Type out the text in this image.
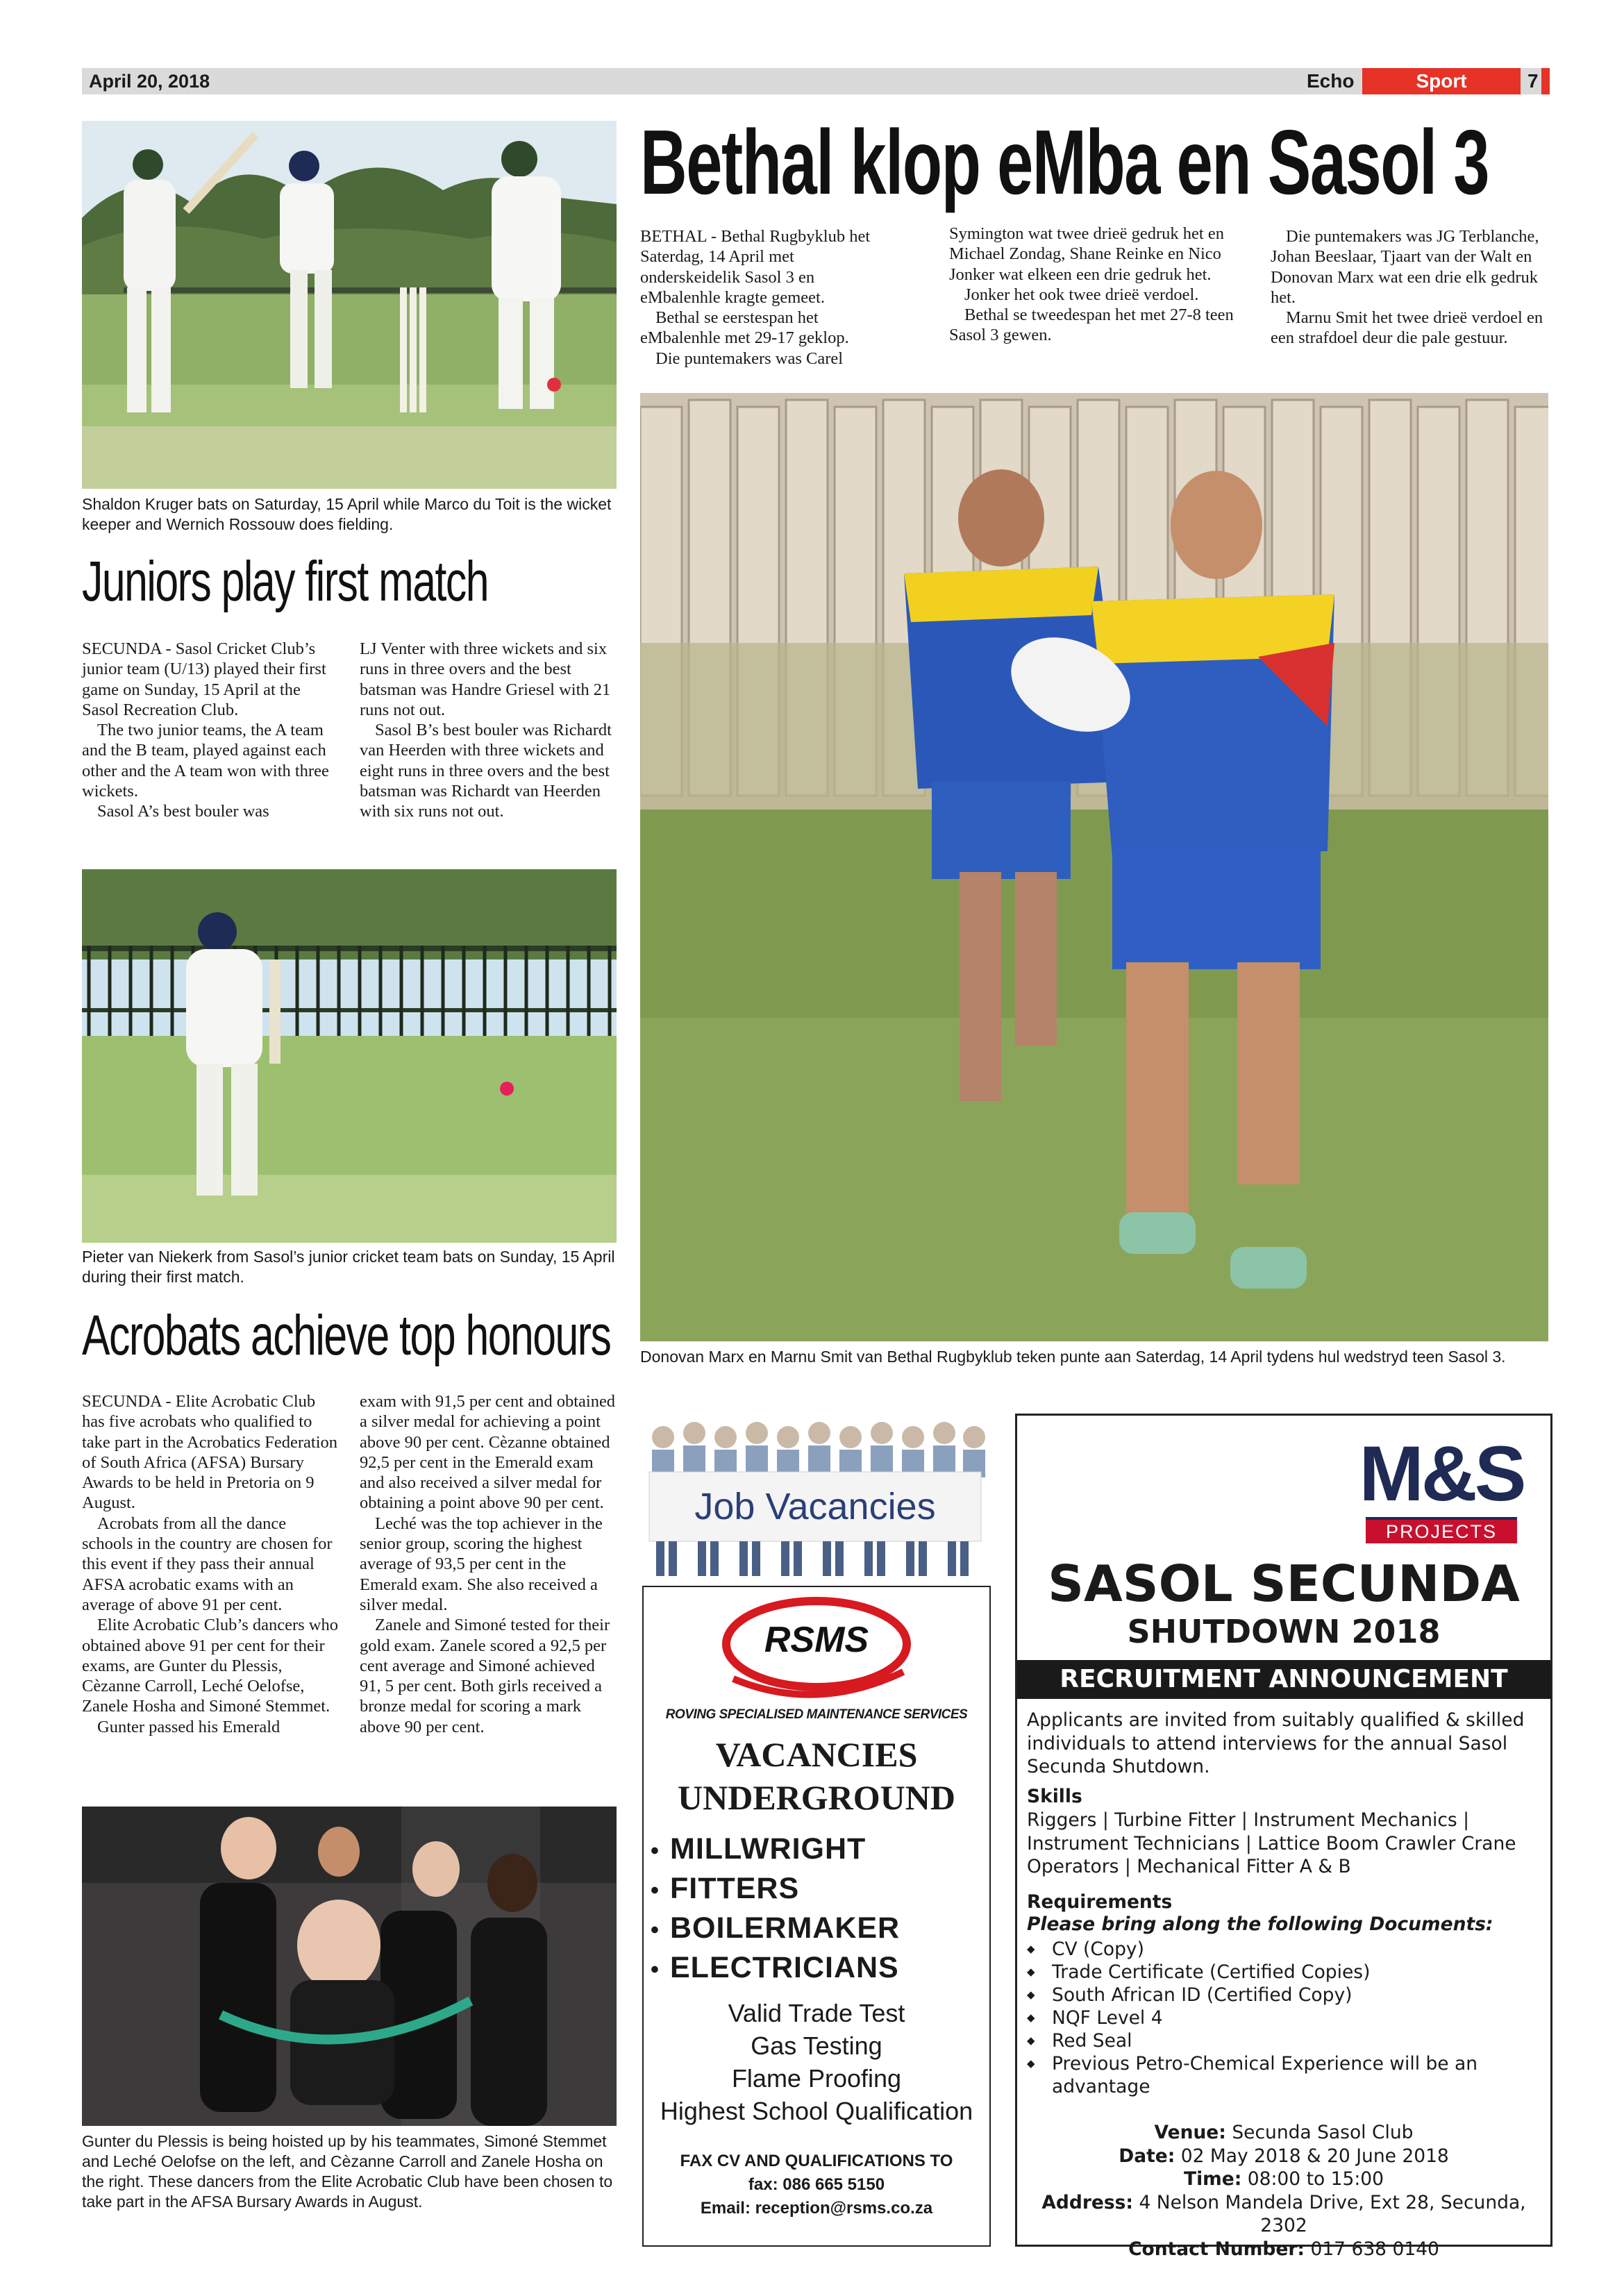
April 20, 2018	Echo	Sport	7
Shaldon Kruger bats on Saturday, 15 April while Marco du Toit is the wicket keeper and Wernich Rossouw does fielding.
Juniors play first match

SECUNDA - Sasol Cricket Club’s junior team (U/13) played their first game on Sunday, 15 April at the Sasol Recreation Club.

The two junior teams, the A team and the B team, played against each other and the A team won with three wickets.

Sasol A’s best bouler was

LJ Venter with three wickets and six runs in three overs and the best batsman was Handre Griesel with 21 runs not out.

Sasol B’s best bouler was Richardt van Heerden with three wickets and eight runs in three overs and the best batsman was Richardt van Heerden with six runs not out.

Pieter van Niekerk from Sasol’s junior cricket team bats on Sunday, 15 April during their first match.
Acrobats achieve top honours

SECUNDA - Elite Acrobatic Club has five acrobats who qualified to take part in the Acrobatics Federation of South Africa (AFSA) Bursary Awards to be held in Pretoria on 9 August.

Acrobats from all the dance schools in the country are chosen for this event if they pass their annual AFSA acrobatic exams with an average of above 91 per cent.

Elite Acrobatic Club’s dancers who obtained above 91 per cent for their exams, are Gunter du Plessis, Cèzanne Carroll, Leché Oelofse, Zanele Hosha and Simoné Stemmet.

Gunter passed his Emerald

exam with 91,5 per cent and obtained a silver medal for achieving a point above 90 per cent. Cèzanne obtained 92,5 per cent in the Emerald exam and also received a silver medal for obtaining a point above 90 per cent.

Leché was the top achiever in the senior group, scoring the highest average of 93,5 per cent in the Emerald exam. She also received a silver medal.

Zanele and Simoné tested for their gold exam. Zanele scored a 92,5 per cent average and Simoné achieved 91, 5 per cent. Both girls received a bronze medal for scoring a mark above 90 per cent.

Gunter du Plessis is being hoisted up by his teammates, Simoné Stemmet and Leché Oelofse on the left, and Cèzanne Carroll and Zanele Hosha on the right. These dancers from the Elite Acrobatic Club have been chosen to take part in the AFSA Bursary Awards in August.
Bethal klop eMba en Sasol 3

BETHAL - Bethal Rugbyklub het Saterdag, 14 April met onderskeidelik Sasol 3 en eMbalenhle kragte gemeet.

Bethal se eerstespan het eMbalenhle met 29-17 geklop.

Die puntemakers was Carel

Symington wat twee drieë gedruk het en Michael Zondag, Shane Reinke en Nico Jonker wat elkeen een drie gedruk het.

Jonker het ook twee drieë verdoel.

Bethal se tweedespan het met 27-8 teen Sasol 3 gewen.

Die puntemakers was JG Terblanche, Johan Beeslaar, Tjaart van der Walt en Donovan Marx wat een drie elk gedruk het.

Marnu Smit het twee drieë verdoel en een strafdoel deur die pale gestuur.

Donovan Marx en Marnu Smit van Bethal Rugbyklub teken punte aan Saterdag, 14 April tydens hul wedstryd teen Sasol 3.
Job Vacancies
RSMS
ROVING SPECIALISED MAINTENANCE SERVICES
VACANCIES
UNDERGROUND
• MILLWRIGHT
• FITTERS
• BOILERMAKER
• ELECTRICIANS
Valid Trade Test
Gas Testing
Flame Proofing
Highest School Qualification
FAX CV AND QUALIFICATIONS TO
fax: 086 665 5150
Email: reception@rsms.co.za
M&S
PROJECTS
SASOL SECUNDA
SHUTDOWN 2018
RECRUITMENT ANNOUNCEMENT
Applicants are invited from suitably qualified & skilled individuals to attend interviews for the annual Sasol Secunda Shutdown.
Skills
Riggers | Turbine Fitter | Instrument Mechanics | Instrument Technicians | Lattice Boom Crawler Crane Operators | Mechanical Fitter A & B
Requirements
Please bring along the following Documents:
◆ CV (Copy)
◆ Trade Certificate (Certified Copies)
◆ South African ID (Certified Copy)
◆ NQF Level 4
◆ Red Seal
◆ Previous Petro-Chemical Experience will be an advantage
Venue: Secunda Sasol Club
Date: 02 May 2018 & 20 June 2018
Time: 08:00 to 15:00
Address: 4 Nelson Mandela Drive, Ext 28, Secunda, 2302
Contact Number: 017 638 0140
